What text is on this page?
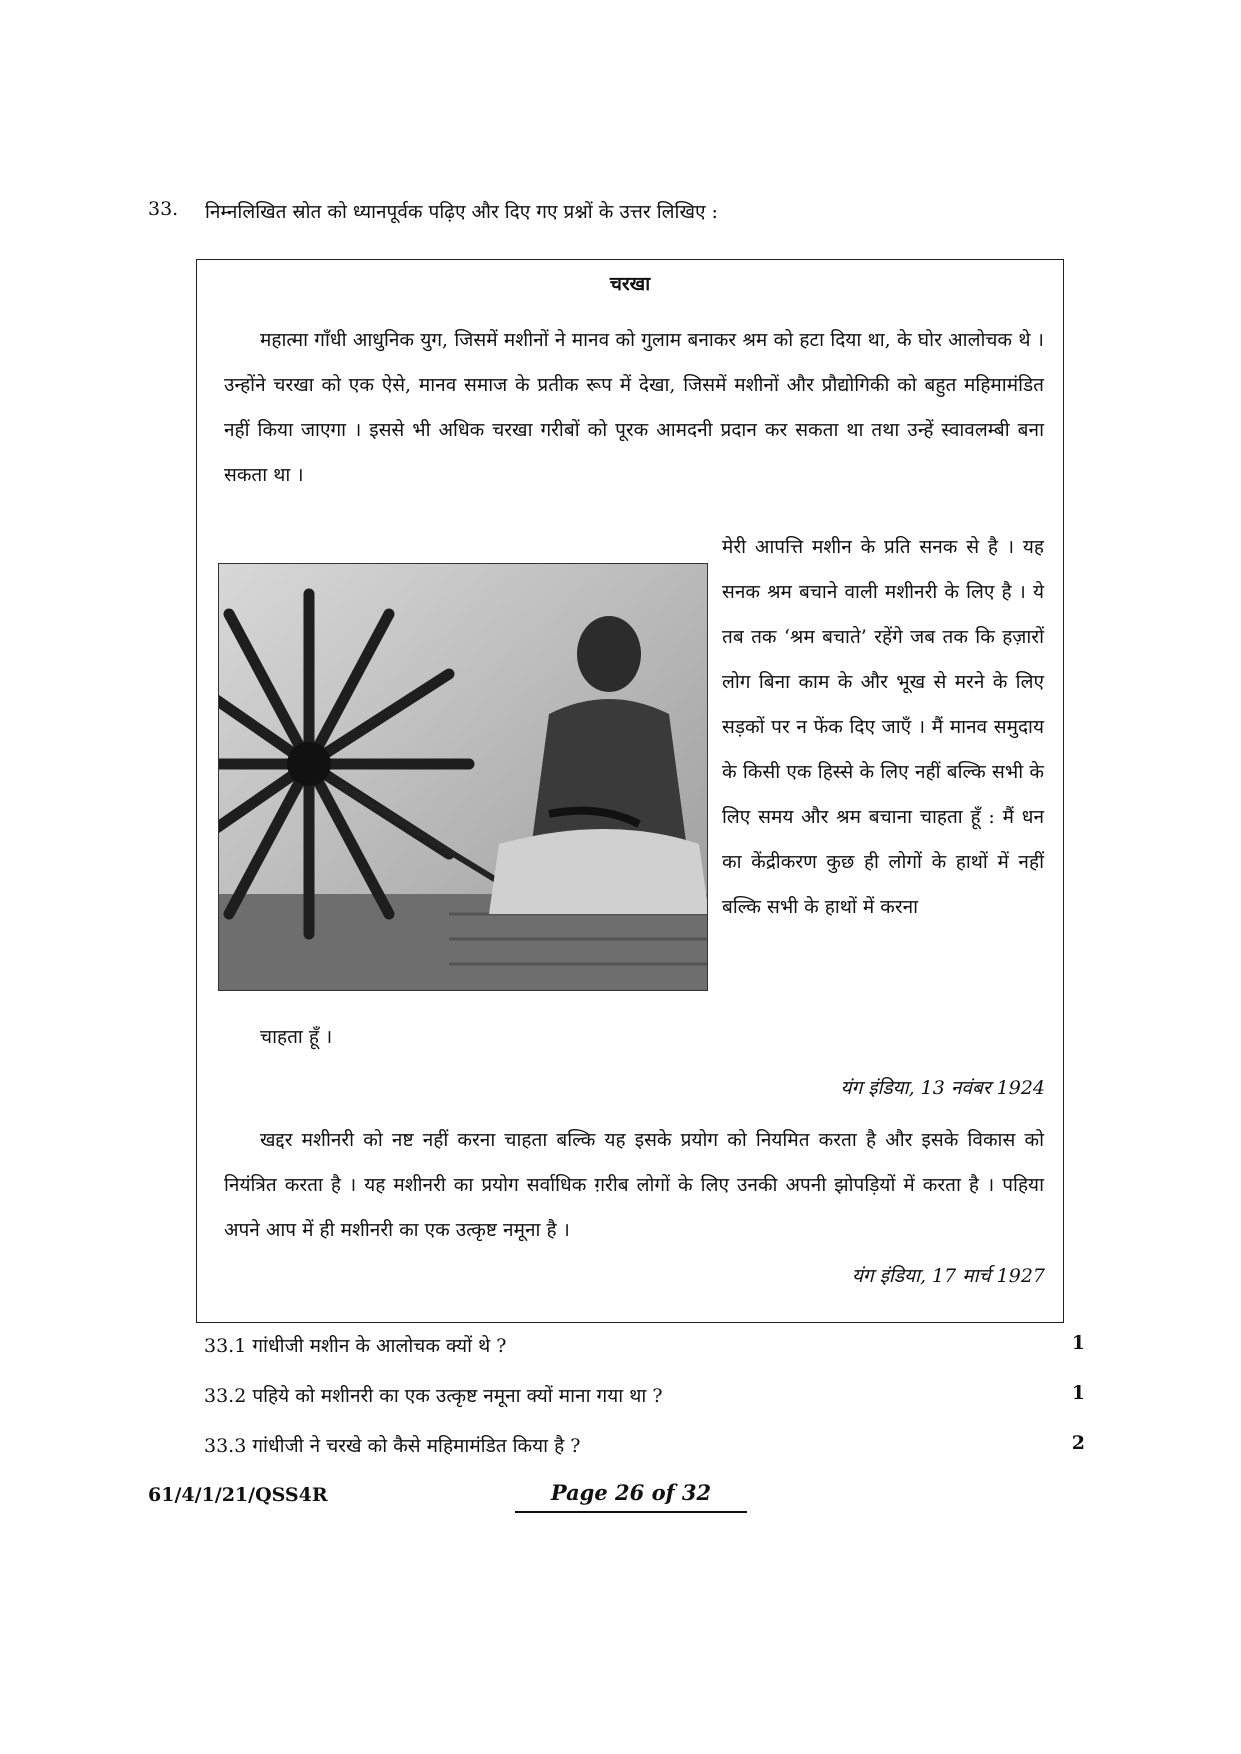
33. निम्नलिखित स्रोत को ध्यानपूर्वक पढ़िए और दिए गए प्रश्नों के उत्तर लिखिए :
चरखा
महात्मा गाँधी आधुनिक युग, जिसमें मशीनों ने मानव को गुलाम बनाकर श्रम को हटा दिया था, के घोर आलोचक थे । उन्होंने चरखा को एक ऐसे, मानव समाज के प्रतीक रूप में देखा, जिसमें मशीनों और प्रौद्योगिकी को बहुत महिमामंडित नहीं किया जाएगा । इससे भी अधिक चरखा गरीबों को पूरक आमदनी प्रदान कर सकता था तथा उन्हें स्वावलम्बी बना सकता था ।
मेरी आपत्ति मशीन के प्रति सनक से है । यह सनक श्रम बचाने वाली मशीनरी के लिए है । ये तब तक ‘श्रम बचाते’ रहेंगे जब तक कि हज़ारों लोग बिना काम के और भूख से मरने के लिए सड़कों पर न फेंक दिए जाएँ । मैं मानव समुदाय के किसी एक हिस्से के लिए नहीं बल्कि सभी के लिए समय और श्रम बचाना चाहता हूँ : मैं धन का केंद्रीकरण कुछ ही लोगों के हाथों में नहीं बल्कि सभी के हाथों में करना
चाहता हूँ ।
यंग इंडिया, 13 नवंबर 1924
खद्दर मशीनरी को नष्ट नहीं करना चाहता बल्कि यह इसके प्रयोग को नियमित करता है और इसके विकास को नियंत्रित करता है । यह मशीनरी का प्रयोग सर्वाधिक ग़रीब लोगों के लिए उनकी अपनी झोपड़ियों में करता है । पहिया अपने आप में ही मशीनरी का एक उत्कृष्ट नमूना है ।
यंग इंडिया, 17 मार्च 1927
33.1 गांधीजी मशीन के आलोचक क्यों थे ?	1
33.2 पहिये को मशीनरी का एक उत्कृष्ट नमूना क्यों माना गया था ?	1
33.3 गांधीजी ने चरखे को कैसे महिमामंडित किया है ?	2
61/4/1/21/QSS4R	Page 26 of 32
